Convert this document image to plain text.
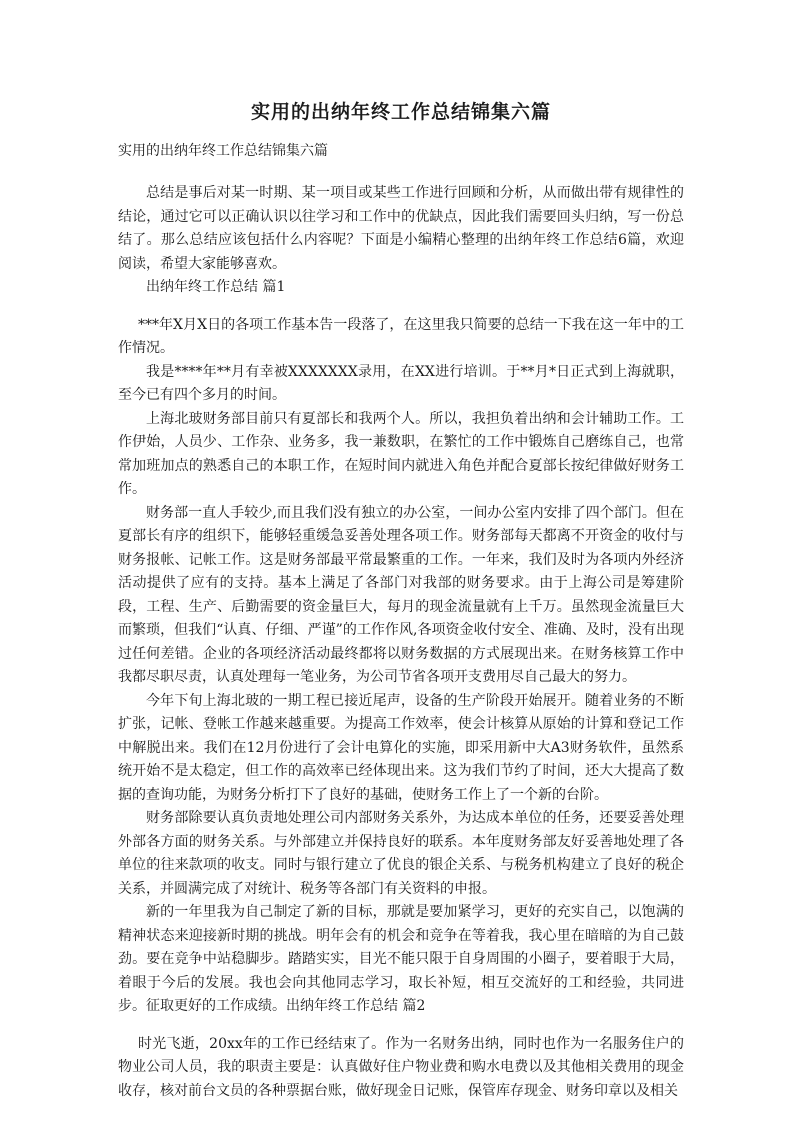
实用的出纳年终工作总结锦集六篇

实用的出纳年终工作总结锦集六篇

总结是事后对某一时期、某一项目或某些工作进行回顾和分析，从而做出带有规律性的结论，通过它可以正确认识以往学习和工作中的优缺点，因此我们需要回头归纳，写一份总结了。那么总结应该包括什么内容呢？下面是小编精心整理的出纳年终工作总结6篇，欢迎阅读，希望大家能够喜欢。

出纳年终工作总结 篇1

***年X月X日的各项工作基本告一段落了，在这里我只简要的总结一下我在这一年中的工作情况。

我是****年**月有幸被XXXXXXX录用，在XX进行培训。于**月*日正式到上海就职，至今已有四个多月的时间。

上海北玻财务部目前只有夏部长和我两个人。所以，我担负着出纳和会计辅助工作。工作伊始，人员少、工作杂、业务多，我一兼数职，在繁忙的工作中锻炼自己磨练自己，也常常加班加点的熟悉自己的本职工作，在短时间内就进入角色并配合夏部长按纪律做好财务工作。

财务部一直人手较少,而且我们没有独立的办公室，一间办公室内安排了四个部门。但在夏部长有序的组织下，能够轻重缓急妥善处理各项工作。财务部每天都离不开资金的收付与财务报帐、记帐工作。这是财务部最平常最繁重的工作。一年来，我们及时为各项内外经济活动提供了应有的支持。基本上满足了各部门对我部的财务要求。由于上海公司是筹建阶段，工程、生产、后勤需要的资金量巨大，每月的现金流量就有上千万。虽然现金流量巨大而繁琐，但我们“认真、仔细、严谨”的工作作风,各项资金收付安全、准确、及时，没有出现过任何差错。企业的各项经济活动最终都将以财务数据的方式展现出来。在财务核算工作中我都尽职尽责，认真处理每一笔业务，为公司节省各项开支费用尽自己最大的努力。

今年下旬上海北玻的一期工程已接近尾声，设备的生产阶段开始展开。随着业务的不断扩张，记帐、登帐工作越来越重要。为提高工作效率，使会计核算从原始的计算和登记工作中解脱出来。我们在12月份进行了会计电算化的实施，即采用新中大A3财务软件，虽然系统开始不是太稳定，但工作的高效率已经体现出来。这为我们节约了时间，还大大提高了数据的查询功能，为财务分析打下了良好的基础，使财务工作上了一个新的台阶。

财务部除要认真负责地处理公司内部财务关系外，为达成本单位的任务，还要妥善处理外部各方面的财务关系。与外部建立并保持良好的联系。本年度财务部友好妥善地处理了各单位的往来款项的收支。同时与银行建立了优良的银企关系、与税务机构建立了良好的税企关系，并圆满完成了对统计、税务等各部门有关资料的申报。

新的一年里我为自己制定了新的目标，那就是要加紧学习，更好的充实自己，以饱满的精神状态来迎接新时期的挑战。明年会有的机会和竞争在等着我，我心里在暗暗的为自己鼓劲。要在竞争中站稳脚步。踏踏实实，目光不能只限于自身周围的小圈子，要着眼于大局，着眼于今后的发展。我也会向其他同志学习，取长补短，相互交流好的工和经验，共同进步。征取更好的工作成绩。出纳年终工作总结 篇2

时光飞逝，20xx年的工作已经结束了。作为一名财务出纳，同时也作为一名服务住户的物业公司人员，我的职责主要是：认真做好住户物业费和购水电费以及其他相关费用的现金收存，核对前台文员的各种票据台账，做好现金日记账，保管库存现金、财务印章以及相关
